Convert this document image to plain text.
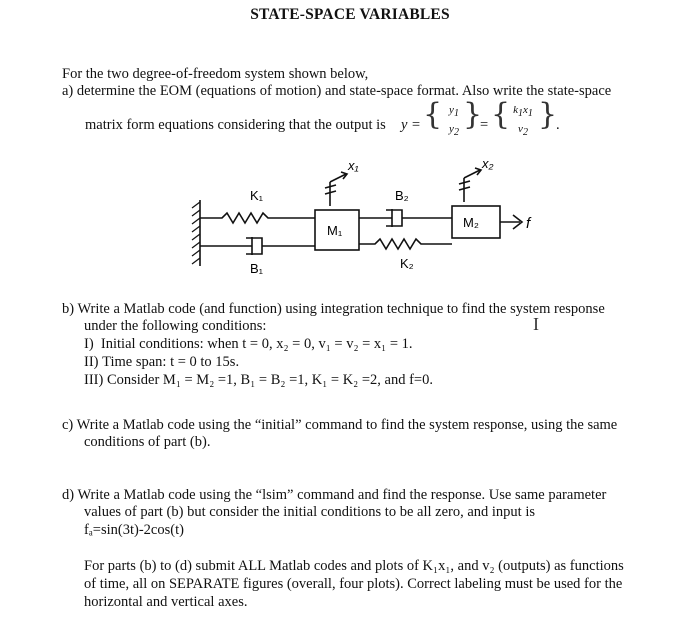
STATE-SPACE VARIABLES
For the two degree-of-freedom system shown below,
a) determine the EOM (equations of motion) and state-space format. Also write the state-space
matrix form equations considering that the output is y = { y1
y2
}
= { k1x1
v2
}
.
x₁	x₂
K₁	B₂
M₁
M₂	f
K₂
B₁
b) Write a Matlab code (and function) using integration technique to find the system response
under the following conditions:	I
I) Initial conditions: when t = 0, x₂ = 0, v₁ = v₂ = x₁ = 1.
II) Time span: t = 0 to 15s.
III) Consider M₁ = M₂ =1, B₁ = B₂ =1, K₁ = K₂ =2, and f=0.
c) Write a Matlab code using the “initial” command to find the system response, using the same
conditions of part (b).
d) Write a Matlab code using the “lsim” command and find the response. Use same parameter
values of part (b) but consider the initial conditions to be all zero, and input is
fₐ=sin(3t)-2cos(t)
For parts (b) to (d) submit ALL Matlab codes and plots of K₁x₁, and v₂ (outputs) as functions
of time, all on SEPARATE figures (overall, four plots). Correct labeling must be used for the
horizontal and vertical axes.
